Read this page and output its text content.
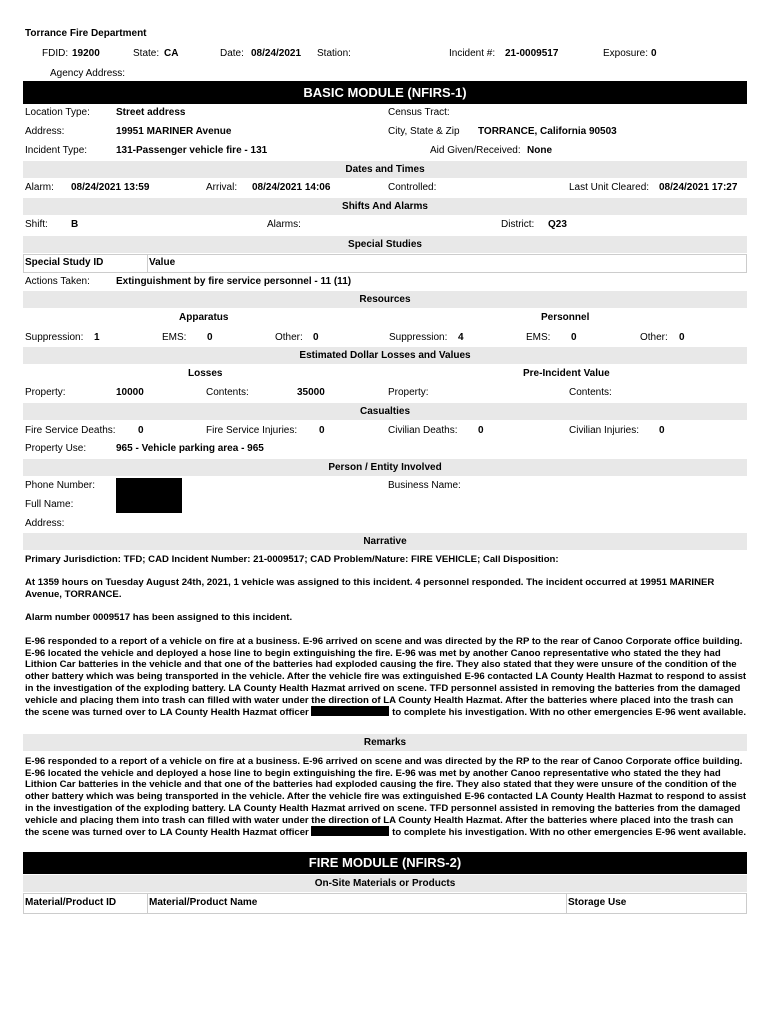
Torrance Fire Department
FDID: 19200	State: CA	Date: 08/24/2021 Station:	Incident #: 21-0009517	Exposure: 0
Agency Address:
BASIC MODULE (NFIRS-1)
Location Type:	Street address	Census Tract:
Address:	19951 MARINER Avenue	City, State & Zip TORRANCE, California 90503
Incident Type:	131-Passenger vehicle fire - 131	Aid Given/Received: None
Dates and Times
Alarm: 08/24/2021 13:59	Arrival: 08/24/2021 14:06	Controlled:	Last Unit Cleared: 08/24/2021 17:27
Shifts And Alarms
Shift: B	Alarms:	District: Q23
Special Studies
Special Study ID	Value
Actions Taken:	Extinguishment by fire service personnel - 11 (11)
Resources
Apparatus	Personnel
Suppression: 1	EMS: 0	Other: 0	Suppression: 4	EMS: 0	Other: 0
Estimated Dollar Losses and Values
Losses	Pre-Incident Value
Property:	10000	Contents:	35000	Property:	Contents:
Casualties
Fire Service Deaths: 0	Fire Service Injuries: 0	Civilian Deaths: 0	Civilian Injuries: 0
Property Use:	965 - Vehicle parking area - 965
Person / Entity Involved
Phone Number:	Business Name:
Full Name:
Address:
Narrative
Primary Jurisdiction: TFD; CAD Incident Number: 21-0009517; CAD Problem/Nature: FIRE VEHICLE; Call Disposition:
At 1359 hours on Tuesday August 24th, 2021, 1 vehicle was assigned to this incident. 4 personnel responded. The incident occurred at 19951 MARINER Avenue, TORRANCE.
Alarm number 0009517 has been assigned to this incident.
E-96 responded to a report of a vehicle on fire at a business. E-96 arrived on scene and was directed by the RP to the rear of Canoo Corporate office building. E-96 located the vehicle and deployed a hose line to begin extinguishing the fire. E-96 was met by another Canoo representative who stated the they had Lithion Car batteries in the vehicle and that one of the batteries had exploded causing the fire. They also stated that they were unsure of the condition of the other battery which was being transported in the vehicle. After the vehicle fire was extinguished E-96 contacted LA County Health Hazmat to respond to assist in the investigation of the exploding battery. LA County Health Hazmat arrived on scene. TFD personnel assisted in removing the batteries from the damaged vehicle and placing them into trash can filled with water under the direction of LA County Health Hazmat. After the batteries where placed into the trash can the scene was turned over to LA County Health Hazmat officer	to complete his investigation. With no other emergencies E-96 went available.
Remarks
E-96 responded to a report of a vehicle on fire at a business. E-96 arrived on scene and was directed by the RP to the rear of Canoo Corporate office building. E-96 located the vehicle and deployed a hose line to begin extinguishing the fire. E-96 was met by another Canoo representative who stated the they had Lithion Car batteries in the vehicle and that one of the batteries had exploded causing the fire. They also stated that they were unsure of the condition of the other battery which was being transported in the vehicle. After the vehicle fire was extinguished E-96 contacted LA County Health Hazmat to respond to assist in the investigation of the exploding battery. LA County Health Hazmat arrived on scene. TFD personnel assisted in removing the batteries from the damaged vehicle and placing them into trash can filled with water under the direction of LA County Health Hazmat. After the batteries where placed into the trash can the scene was turned over to LA County Health Hazmat officer	to complete his investigation. With no other emergencies E-96 went available.
FIRE MODULE (NFIRS-2)
On-Site Materials or Products
Material/Product ID	Material/Product Name	Storage Use
